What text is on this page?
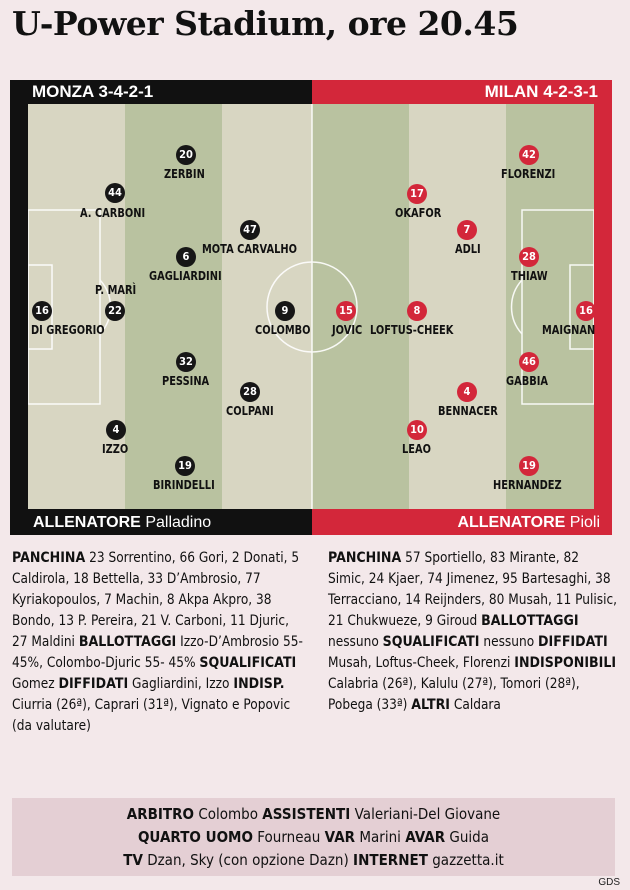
U-Power Stadium, ore 20.45
MONZA 3-4-2-1	MILAN 4-2-3-1
ALLENATORE Palladino	ALLENATORE Pioli
16
DI GREGORIO
22
P. MARÌ
4
IZZO
44
A. CARBONI
20
ZERBIN
6
GAGLIARDINI
32
PESSINA
19
BIRINDELLI
47
MOTA CARVALHO
28
COLPANI
9
COLOMBO
16
MAIGNAN
42
FLORENZI
28
THIAW
46
GABBIA
19
HERNANDEZ
7
ADLI
4
BENNACER
17
OKAFOR
8
LOFTUS-CHEEK
10
LEAO
15
JOVIC
PANCHINA 23 Sorrentino, 66 Gori, 2 Donati, 5 Caldirola, 18 Bettella, 33 D’Ambrosio, 77 Kyriakopoulos, 7 Machin, 8 Akpa Akpro, 38 Bondo, 13 P. Pereira, 21 V. Carboni, 11 Djuric, 27 Maldini BALLOTTAGGI Izzo-D’Ambrosio 55-45%, Colombo-Djuric 55- 45% SQUALIFICATI Gomez DIFFIDATI Gagliardini, Izzo INDISP. Ciurria (26ª), Caprari (31ª), Vignato e Popovic (da valutare)
PANCHINA 57 Sportiello, 83 Mirante, 82 Simic, 24 Kjaer, 74 Jimenez, 95 Bartesaghi, 38 Terracciano, 14 Reijnders, 80 Musah, 11 Pulisic, 21 Chukwueze, 9 Giroud BALLOTTAGGI nessuno SQUALIFICATI nessuno DIFFIDATI Musah, Loftus-Cheek, Florenzi INDISPONIBILI Calabria (26ª), Kalulu (27ª), Tomori (28ª), Pobega (33ª) ALTRI Caldara
ARBITRO Colombo ASSISTENTI Valeriani-Del Giovane
QUARTO UOMO Fourneau VAR Marini AVAR Guida
TV Dzan, Sky (con opzione Dazn) INTERNET gazzetta.it
GDS
